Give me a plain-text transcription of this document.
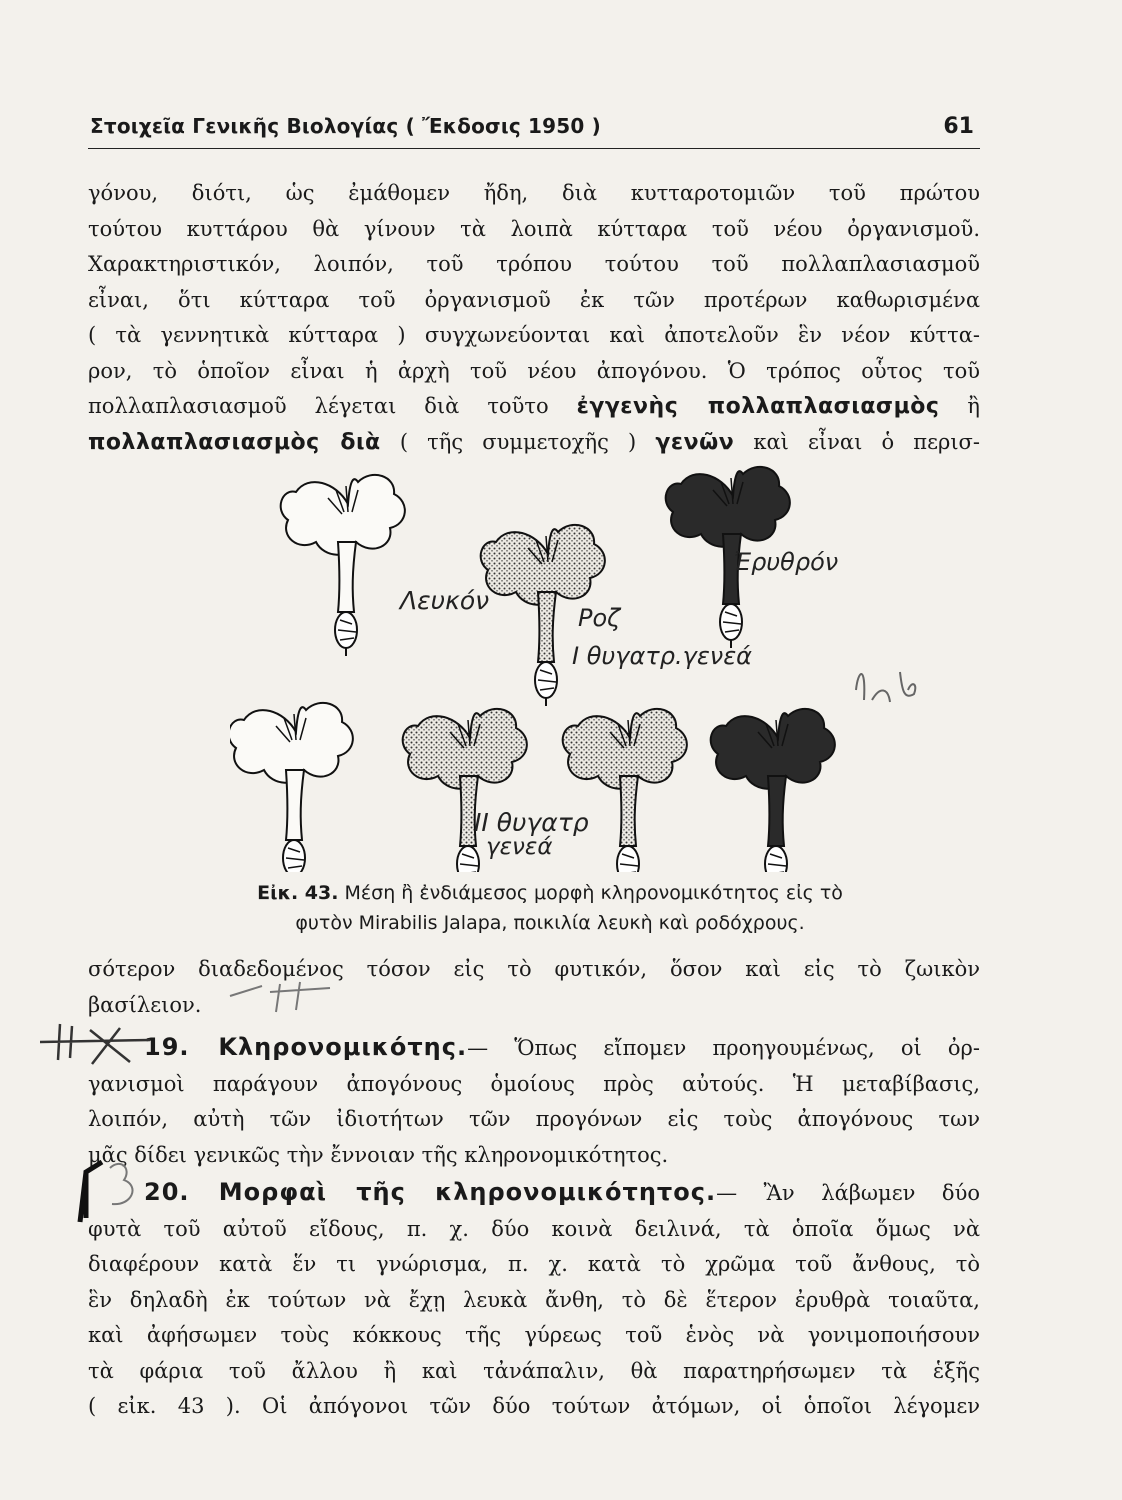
Στοιχεῖα Γενικῆς Βιολογίας ( Ἔκδοσις 1950 )	61
γόνου, διότι, ὡς ἐμάθομεν ἤδη, διὰ κυτταροτομιῶν τοῦ πρώτου
τούτου κυττάρου θὰ γίνουν τὰ λοιπὰ κύτταρα τοῦ νέου ὀργανισμοῦ.
Χαρακτηριστικόν, λοιπόν, τοῦ τρόπου τούτου τοῦ πολλαπλασιασμοῦ
εἶναι, ὅτι κύτταρα τοῦ ὀργανισμοῦ ἐκ τῶν προτέρων καθωρισμένα
( τὰ γεννητικὰ κύτταρα ) συγχωνεύονται καὶ ἀποτελοῦν ἓν νέον κύττα-
ρον, τὸ ὁποῖον εἶναι ἡ ἀρχὴ τοῦ νέου ἀπογόνου. Ὁ τρόπος οὗτος τοῦ
πολλαπλασιασμοῦ λέγεται διὰ τοῦτο ἐγγενὴς πολλαπλασιασμὸς ἢ
πολλαπλασιασμὸς διὰ ( τῆς συμμετοχῆς ) γενῶν καὶ εἶναι ὁ περισ-
Λευκόν
Ροζ
I θυγατρ.γενεά
Ἐρυθρόν
II θυγατρ
γενεά
Εἰκ. 43. Μέση ἢ ἐνδιάμεσος μορφὴ κληρονομικότητος εἰς τὸ
φυτὸν Mirabilis Jalapa, ποικιλία λευκὴ καὶ ροδόχρους.
σότερον διαδεδομένος τόσον εἰς τὸ φυτικόν, ὅσον καὶ εἰς τὸ ζωικὸν
βασίλειον.
19. Κληρονομικότης.— Ὅπως εἴπομεν προηγουμένως, οἱ ὀρ-
γανισμοὶ παράγουν ἀπογόνους ὁμοίους πρὸς αὐτούς. Ἡ μεταβίβασις,
λοιπόν, αὐτὴ τῶν ἰδιοτήτων τῶν προγόνων εἰς τοὺς ἀπογόνους των
μᾶς δίδει γενικῶς τὴν ἔννοιαν τῆς κληρονομικότητος.
20. Μορφαὶ τῆς κληρονομικότητος.— Ἂν λάβωμεν δύο
φυτὰ τοῦ αὐτοῦ εἴδους, π. χ. δύο κοινὰ δειλινά, τὰ ὁποῖα ὅμως νὰ
διαφέρουν κατὰ ἕν τι γνώρισμα, π. χ. κατὰ τὸ χρῶμα τοῦ ἄνθους, τὸ
ἓν δηλαδὴ ἐκ τούτων νὰ ἔχῃ λευκὰ ἄνθη, τὸ δὲ ἕτερον ἐρυθρὰ τοιαῦτα,
καὶ ἀφήσωμεν τοὺς κόκκους τῆς γύρεως τοῦ ἑνὸς νὰ γονιμοποιήσουν
τὰ φάρια τοῦ ἄλλου ἢ καὶ τἀνάπαλιν, θὰ παρατηρήσωμεν τὰ ἑξῆς
( εἰκ. 43 ). Οἱ ἀπόγονοι τῶν δύο τούτων ἀτόμων, οἱ ὁποῖοι λέγομεν
